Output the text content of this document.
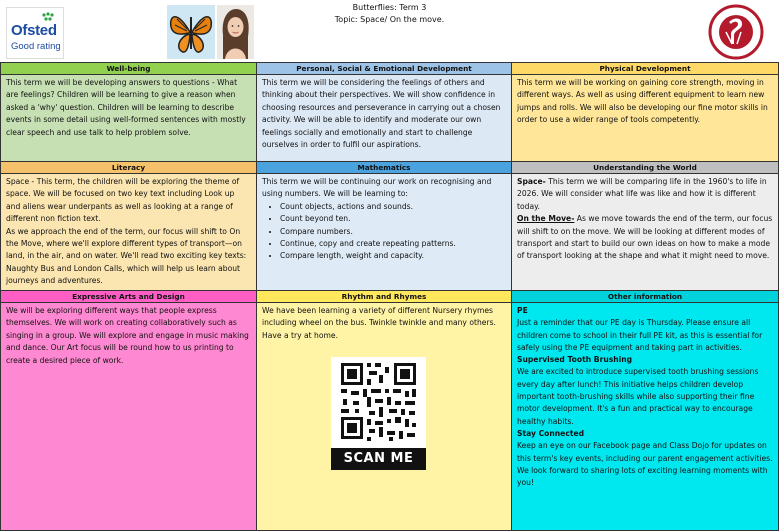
Ofsted
Good rating
Butterflies: Term 3
Topic: Space/ On the move.
Well-being

This term we will be developing answers to questions - What are feelings? Children will be learning to give a reason when asked a 'why' question. Children will be learning to describe events in some detail using well-formed sentences with mostly clear speech and use talk to help problem solve.

Personal, Social & Emotional Development

This term we will be considering the feelings of others and thinking about their perspectives. We will show confidence in choosing resources and perseverance in carrying out a chosen activity. We will be able to identify and moderate our own feelings socially and emotionally and start to challenge ourselves in order to fulfil our aspirations.

Physical Development

This term we will be working on gaining core strength, moving in different ways. As well as using different equipment to learn new jumps and rolls. We will also be developing our fine motor skills in order to use a wider range of tools competently.

Literacy

Space - This term, the children will be exploring the theme of space. We will be focused on two key text including Look up and aliens wear underpants as well as looking at a range of different non fiction text.

As we approach the end of the term, our focus will shift to On the Move, where we'll explore different types of transport—on land, in the air, and on water. We'll read two exciting key texts: Naughty Bus and London Calls, which will help us learn about journeys and adventures.

Mathematics

This term we will be continuing our work on recognising and using numbers. We will be learning to:

• Count objects, actions and sounds.
• Count beyond ten.
• Compare numbers.
• Continue, copy and create repeating patterns.
• Compare length, weight and capacity.
Understanding the World

Space- This term we will be comparing life in the 1960's to life in 2026. We will consider what life was like and how it is different today.

On the Move- As we move towards the end of the term, our focus will shift to on the move. We will be looking at different modes of transport and start to build our own ideas on how to make a mode of transport looking at the shape and what it might need to move.

Expressive Arts and Design

We will be exploring different ways that people express themselves. We will work on creating collaboratively such as singing in a group. We will explore and engage in music making and dance. Our Art focus will be round how to us printing to create a desired piece of work.

Rhythm and Rhymes

We have been learning a variety of different Nursery rhymes including wheel on the bus. Twinkle twinkle and many others. Have a try at home.

Other information

PE

Just a reminder that our PE day is Thursday. Please ensure all children come to school in their full PE kit, as this is essential for safely using the PE equipment and taking part in activities.

Supervised Tooth Brushing

We are excited to introduce supervised tooth brushing sessions every day after lunch! This initiative helps children develop important tooth-brushing skills while also supporting their fine motor development. It's a fun and practical way to encourage healthy habits.

Stay Connected

Keep an eye on our Facebook page and Class Dojo for updates on this term's key events, including our parent engagement activities. We look forward to sharing lots of exciting learning moments with you!

SCAN ME
